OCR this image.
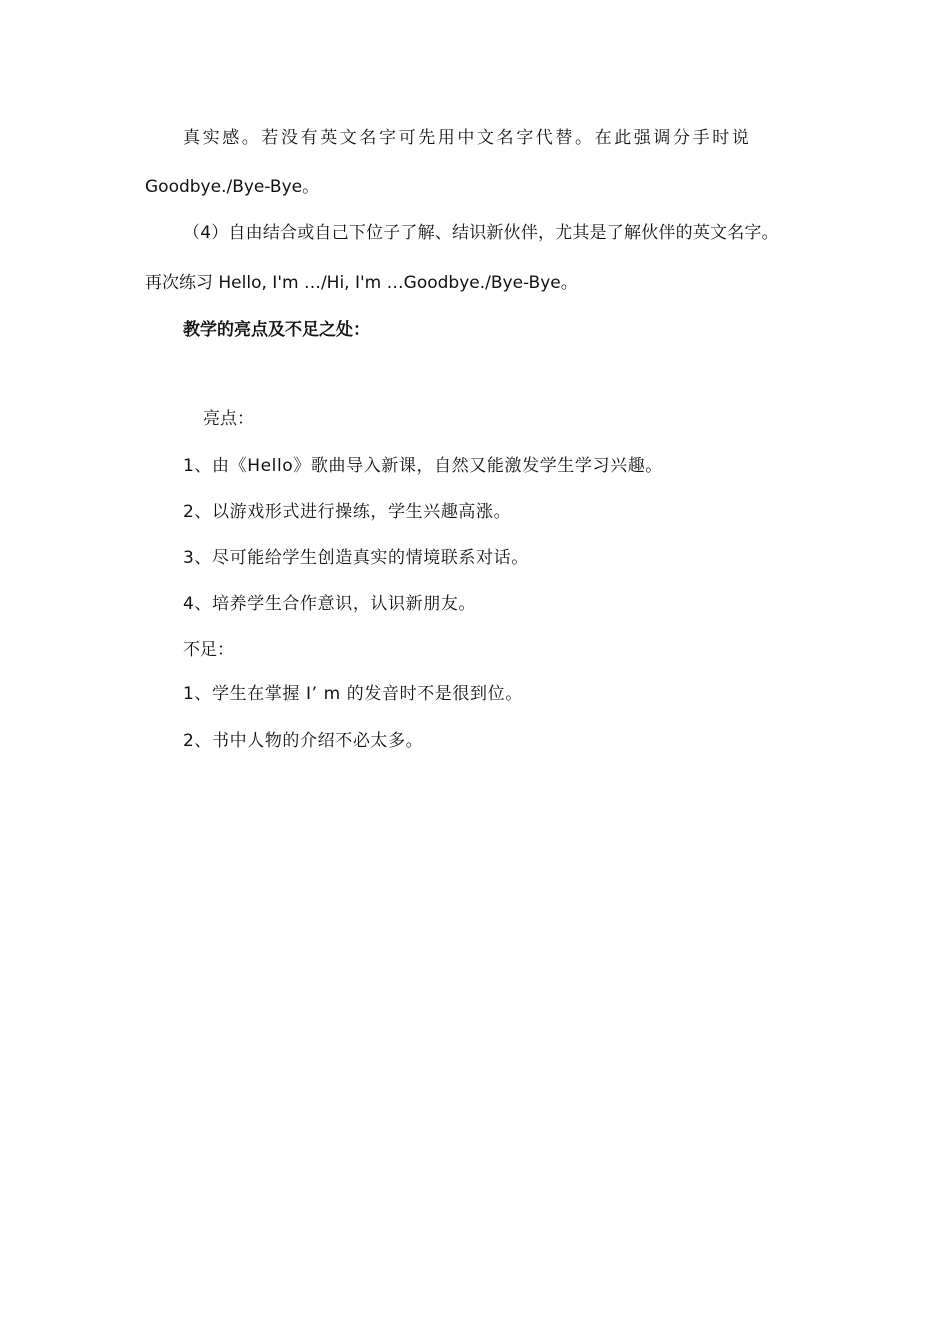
真实感。若没有英文名字可先用中文名字代替。在此强调分手时说
Goodbye./Bye-Bye。
（4）自由结合或自己下位子了解、结识新伙伴，尤其是了解伙伴的英文名字。
再次练习 Hello, I'm …/Hi, I'm …Goodbye./Bye-Bye。
教学的亮点及不足之处：
亮点：
1、由《Hello》歌曲导入新课，自然又能激发学生学习兴趣。
2、以游戏形式进行操练，学生兴趣高涨。
3、尽可能给学生创造真实的情境联系对话。
4、培养学生合作意识，认识新朋友。
不足：
1、学生在掌握 I’ m 的发音时不是很到位。
2、书中人物的介绍不必太多。
